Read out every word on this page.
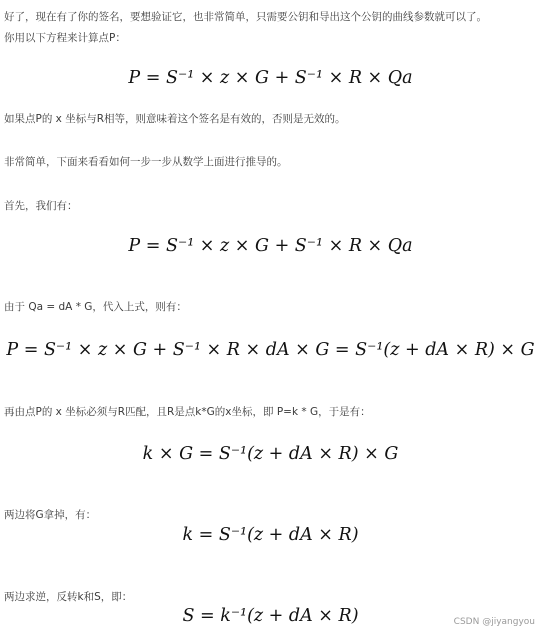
好了，现在有了你的签名，要想验证它，也非常简单，只需要公钥和导出这个公钥的曲线参数就可以了。
你用以下方程来计算点P：
P = S⁻¹ × z × G + S⁻¹ × R × Qa
如果点P的 x 坐标与R相等，则意味着这个签名是有效的，否则是无效的。
非常简单，下面来看看如何一步一步从数学上面进行推导的。
首先，我们有：
P = S⁻¹ × z × G + S⁻¹ × R × Qa
由于 Qa = dA * G，代入上式，则有：
P = S⁻¹ × z × G + S⁻¹ × R × dA × G = S⁻¹(z + dA × R) × G
再由点P的 x 坐标必须与R匹配，且R是点k*G的x坐标，即 P=k * G，于是有：
k × G = S⁻¹(z + dA × R) × G
两边将G拿掉，有：
k = S⁻¹(z + dA × R)
两边求逆，反转k和S，即：
S = k⁻¹(z + dA × R)	CSDN @jiyangyou
